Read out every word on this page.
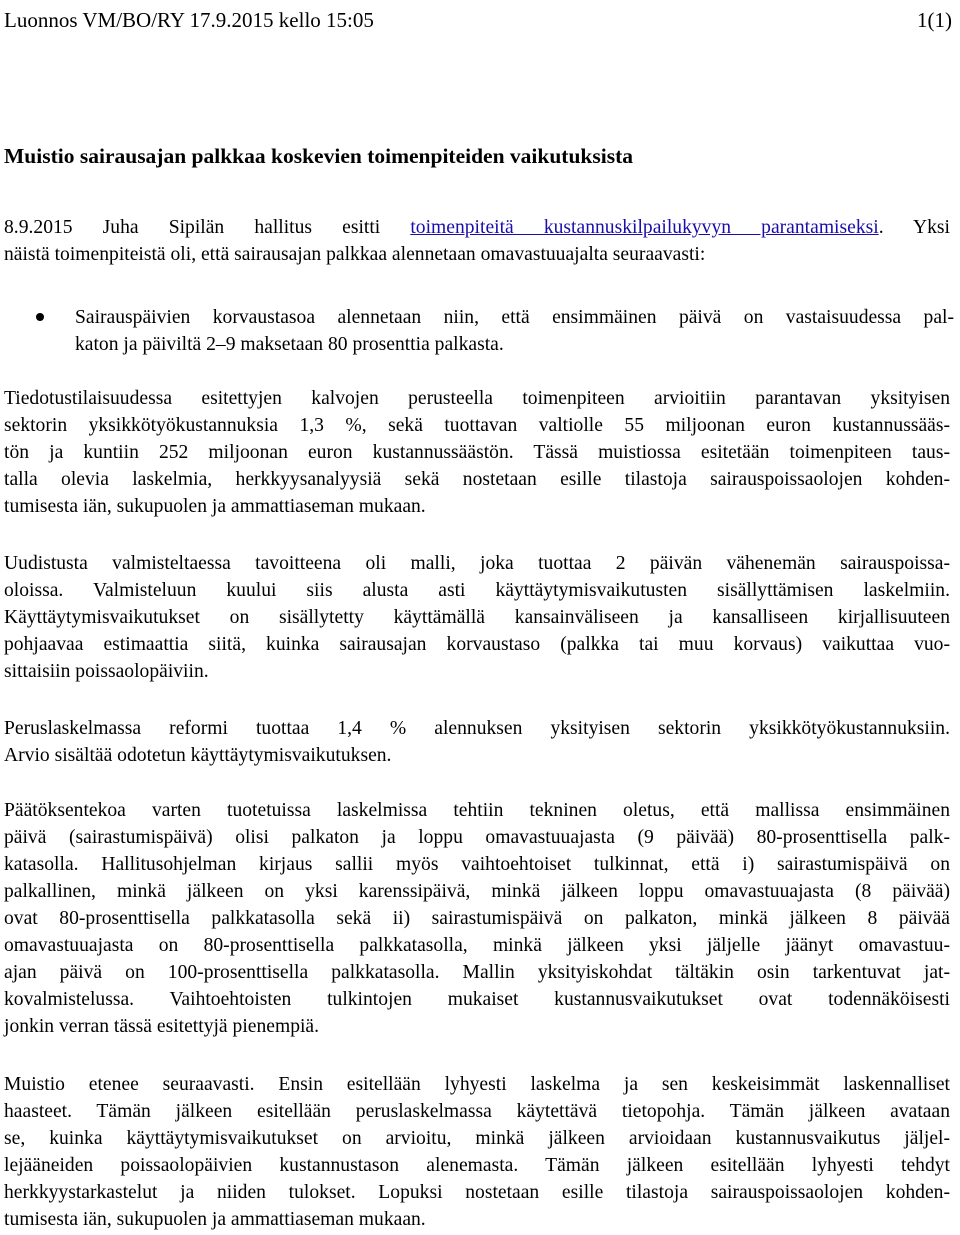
Luonnos VM/BO/RY 17.9.2015 kello 15:05	1(1)
Muistio sairausajan palkkaa koskevien toimenpiteiden vaikutuksista
8.9.2015 Juha Sipilän hallitus esitti toimenpiteitä kustannuskilpailukyvyn parantamiseksi. Yksi
näistä toimenpiteistä oli, että sairausajan palkkaa alennetaan omavastuuajalta seuraavasti:
Sairauspäivien korvaustasoa alennetaan niin, että ensimmäinen päivä on vastaisuudessa pal-
katon ja päiviltä 2–9 maksetaan 80 prosenttia palkasta.
Tiedotustilaisuudessa esitettyjen kalvojen perusteella toimenpiteen arvioitiin parantavan yksityisen
sektorin yksikkötyökustannuksia 1,3 %, sekä tuottavan valtiolle 55 miljoonan euron kustannussääs-
tön ja kuntiin 252 miljoonan euron kustannussäästön. Tässä muistiossa esitetään toimenpiteen taus-
talla olevia laskelmia, herkkyysanalyysiä sekä nostetaan esille tilastoja sairauspoissaolojen kohden-
tumisesta iän, sukupuolen ja ammattiaseman mukaan.
Uudistusta valmisteltaessa tavoitteena oli malli, joka tuottaa 2 päivän vähenemän sairauspoissa-
oloissa. Valmisteluun kuului siis alusta asti käyttäytymisvaikutusten sisällyttämisen laskelmiin.
Käyttäytymisvaikutukset on sisällytetty käyttämällä kansainväliseen ja kansalliseen kirjallisuuteen
pohjaavaa estimaattia siitä, kuinka sairausajan korvaustaso (palkka tai muu korvaus) vaikuttaa vuo-
sittaisiin poissaolopäiviin.
Peruslaskelmassa reformi tuottaa 1,4 % alennuksen yksityisen sektorin yksikkötyökustannuksiin.
Arvio sisältää odotetun käyttäytymisvaikutuksen.
Päätöksentekoa varten tuotetuissa laskelmissa tehtiin tekninen oletus, että mallissa ensimmäinen
päivä (sairastumispäivä) olisi palkaton ja loppu omavastuuajasta (9 päivää) 80-prosenttisella palk-
katasolla. Hallitusohjelman kirjaus sallii myös vaihtoehtoiset tulkinnat, että i) sairastumispäivä on
palkallinen, minkä jälkeen on yksi karenssipäivä, minkä jälkeen loppu omavastuuajasta (8 päivää)
ovat 80-prosenttisella palkkatasolla sekä ii) sairastumispäivä on palkaton, minkä jälkeen 8 päivää
omavastuuajasta on 80-prosenttisella palkkatasolla, minkä jälkeen yksi jäljelle jäänyt omavastuu-
ajan päivä on 100-prosenttisella palkkatasolla. Mallin yksityiskohdat tältäkin osin tarkentuvat jat-
kovalmistelussa. Vaihtoehtoisten tulkintojen mukaiset kustannusvaikutukset ovat todennäköisesti
jonkin verran tässä esitettyjä pienempiä.
Muistio etenee seuraavasti. Ensin esitellään lyhyesti laskelma ja sen keskeisimmät laskennalliset
haasteet. Tämän jälkeen esitellään peruslaskelmassa käytettävä tietopohja. Tämän jälkeen avataan
se, kuinka käyttäytymisvaikutukset on arvioitu, minkä jälkeen arvioidaan kustannusvaikutus jäljel-
lejääneiden poissaolopäivien kustannustason alenemasta. Tämän jälkeen esitellään lyhyesti tehdyt
herkkyystarkastelut ja niiden tulokset. Lopuksi nostetaan esille tilastoja sairauspoissaolojen kohden-
tumisesta iän, sukupuolen ja ammattiaseman mukaan.
